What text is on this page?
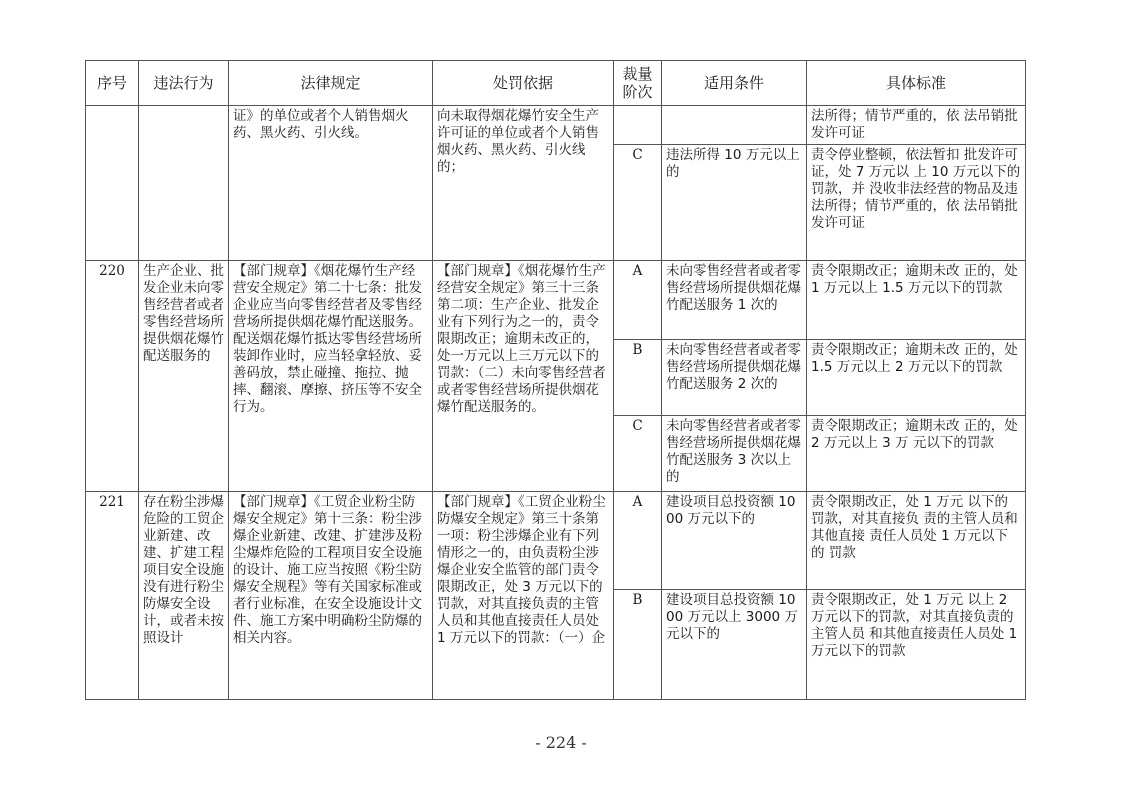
序号	违法行为	法律规定	处罚依据	裁量阶次	适用条件	具体标准
		证》的单位或者个人销售烟火药、黑火药、引火线。	向未取得烟花爆竹安全生产许可证的单位或者个人销售烟火药、黑火药、引火线的；			法所得；情节严重的，依 法吊销批发许可证
				C	违法所得 10 万元以上的	责令停业整顿，依法暂扣 批发许可证，处 7 万元以 上 10 万元以下的罚款，并 没收非法经营的物品及违 法所得；情节严重的，依 法吊销批发许可证
220	生产企业、批发企业未向零售经营者或者零售经营场所提供烟花爆竹配送服务的	【部门规章】《烟花爆竹生产经营安全规定》第二十七条：批发企业应当向零售经营者及零售经营场所提供烟花爆竹配送服务。配送烟花爆竹抵达零售经营场所装卸作业时，应当轻拿轻放、妥善码放，禁止碰撞、拖拉、抛摔、翻滚、摩擦、挤压等不安全行为。	【部门规章】《烟花爆竹生产经营安全规定》第三十三条第二项：生产企业、批发企业有下列行为之一的，责令限期改正；逾期未改正的，处一万元以上三万元以下的罚款：（二）未向零售经营者或者零售经营场所提供烟花爆竹配送服务的。	A	未向零售经营者或者零售经营场所提供烟花爆竹配送服务 1 次的	责令限期改正；逾期未改 正的，处 1 万元以上 1.5 万元以下的罚款
				B	未向零售经营者或者零售经营场所提供烟花爆竹配送服务 2 次的	责令限期改正；逾期未改 正的，处 1.5 万元以上 2 万元以下的罚款
				C	未向零售经营者或者零售经营场所提供烟花爆竹配送服务 3 次以上的	责令限期改正；逾期未改 正的，处 2 万元以上 3 万 元以下的罚款
221	存在粉尘涉爆危险的工贸企业新建、改建、扩建工程项目安全设施没有进行粉尘防爆安全设计，或者未按照设计	【部门规章】《工贸企业粉尘防爆安全规定》第十三条：粉尘涉爆企业新建、改建、扩建涉及粉尘爆炸危险的工程项目安全设施的设计、施工应当按照《粉尘防爆安全规程》等有关国家标准或者行业标准，在安全设施设计文件、施工方案中明确粉尘防爆的相关内容。	【部门规章】《工贸企业粉尘防爆安全规定》第三十条第一项：粉尘涉爆企业有下列情形之一的，由负责粉尘涉爆企业安全监管的部门责令限期改正，处 3 万元以下的罚款，对其直接负责的主管人员和其他直接责任人员处 1 万元以下的罚款：（一）企	A	建设项目总投资额 1000 万元以下的	责令限期改正，处 1 万元 以下的罚款，对其直接负 责的主管人员和其他直接 责任人员处 1 万元以下的 罚款
				B	建设项目总投资额 1000 万元以上 3000 万元以下的	责令限期改正，处 1 万元 以上 2 万元以下的罚款，对其直接负责的主管人员 和其他直接责任人员处 1 万元以下的罚款
- 224 -
